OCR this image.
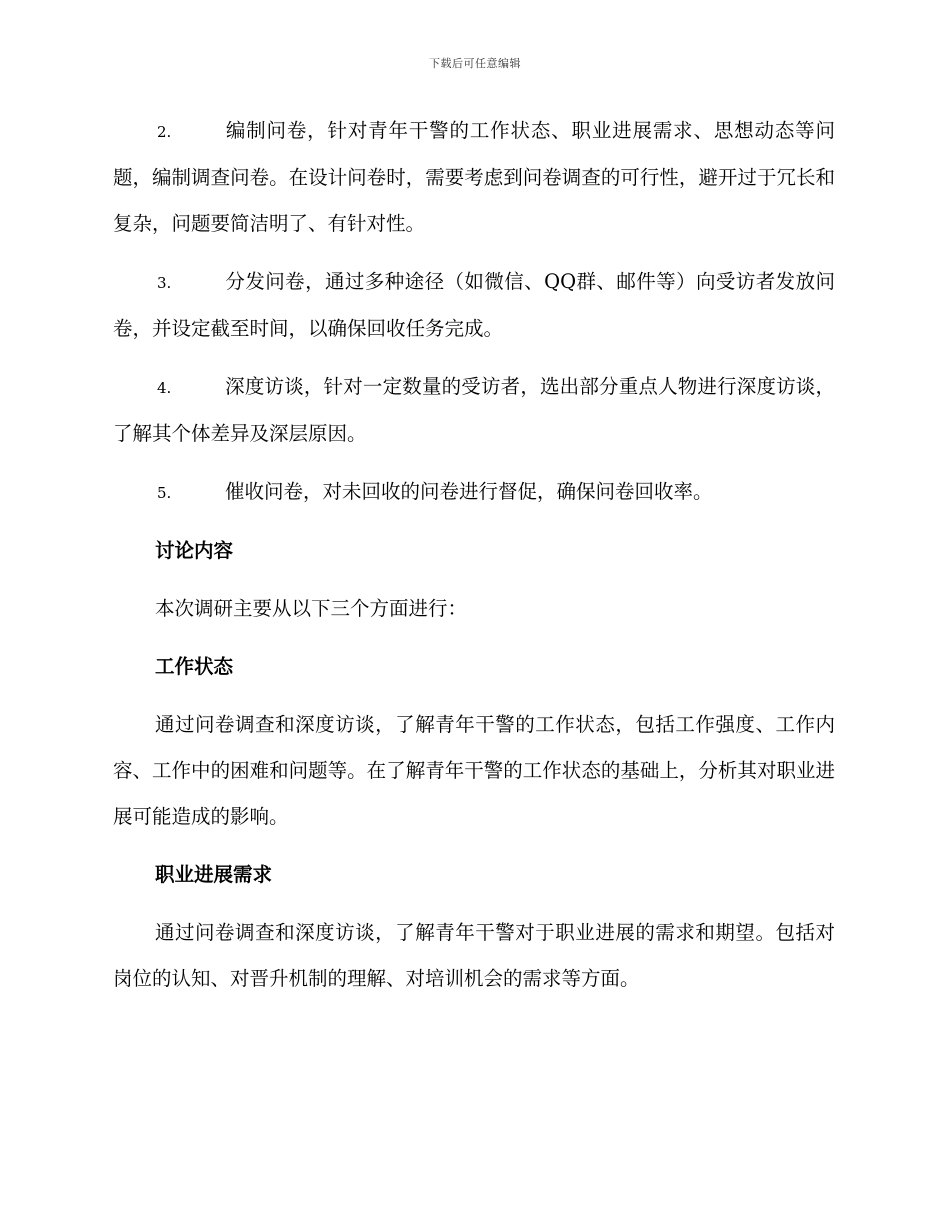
下载后可任意编辑

2.	编制问卷，针对青年干警的工作状态、职业进展需求、思想动态等问题，编制调查问卷。在设计问卷时，需要考虑到问卷调查的可行性，避开过于冗长和复杂，问题要简洁明了、有针对性。

3.	分发问卷，通过多种途径（如微信、QQ群、邮件等）向受访者发放问卷，并设定截至时间，以确保回收任务完成。

4.	深度访谈，针对一定数量的受访者，选出部分重点人物进行深度访谈，了解其个体差异及深层原因。

5.	催收问卷，对未回收的问卷进行督促，确保问卷回收率。

讨论内容

本次调研主要从以下三个方面进行：

工作状态

通过问卷调查和深度访谈，了解青年干警的工作状态，包括工作强度、工作内容、工作中的困难和问题等。在了解青年干警的工作状态的基础上，分析其对职业进展可能造成的影响。

职业进展需求

通过问卷调查和深度访谈，了解青年干警对于职业进展的需求和期望。包括对岗位的认知、对晋升机制的理解、对培训机会的需求等方面。
